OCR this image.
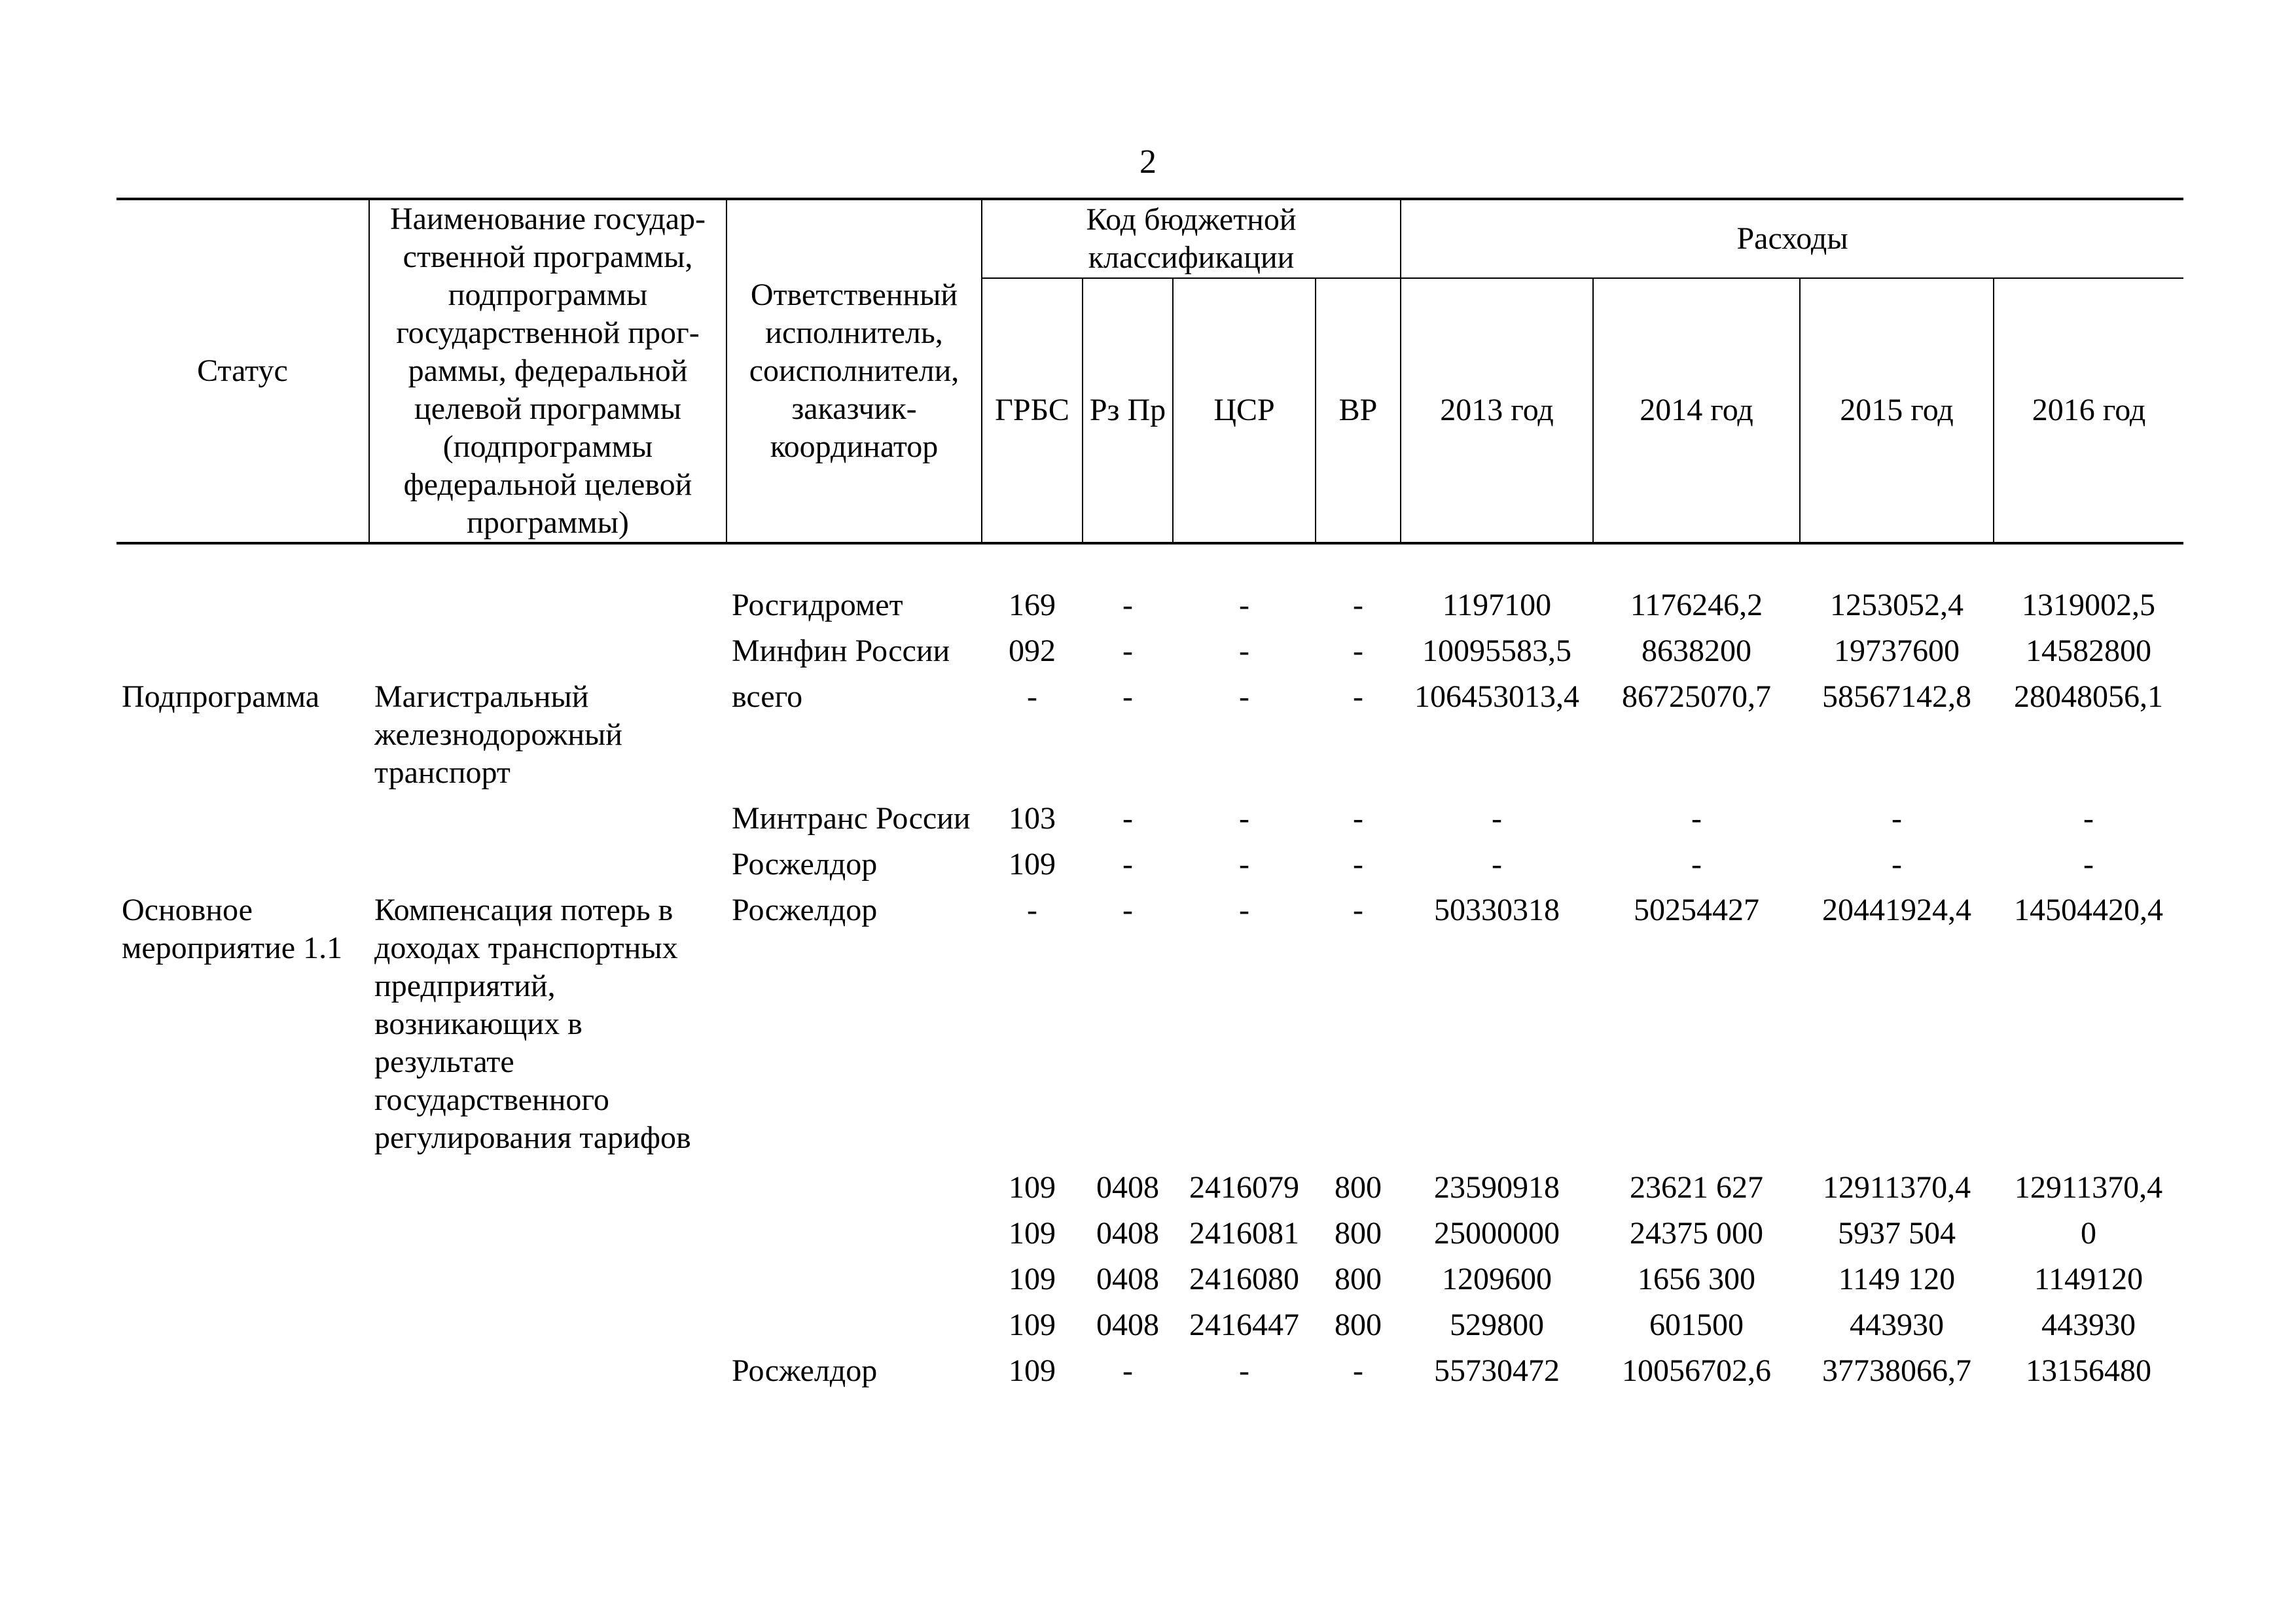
2
Статус	Наименование государ-ственной программы, подпрограммы государственной прог-раммы, федеральной целевой программы (подпрограммы федеральной целевой программы)	Ответственный исполнитель, соисполнители, заказчик-координатор	Код бюджетной классификации				Расходы			
			ГРБС	Рз Пр	ЦСР	ВР	2013 год	2014 год	2015 год	2016 год

		Росгидромет	169	-	-	-	1197100	1176246,2	1253052,4	1319002,5
		Минфин России	092	-	-	-	10095583,5	8638200	19737600	14582800
Подпрограмма	Магистральный железнодорожный транспорт	всего	-	-	-	-	106453013,4	86725070,7	58567142,8	28048056,1
		Минтранс России	103	-	-	-	-	-	-	-
		Росжелдор	109	-	-	-	-	-	-	-
Основное мероприятие 1.1	Компенсация потерь в доходах транспортных предприятий, возникающих в результате государственного регулирования тарифов	Росжелдор	-	-	-	-	50330318	50254427	20441924,4	14504420,4
			109	0408	2416079	800	23590918	23621 627	12911370,4	12911370,4
			109	0408	2416081	800	25000000	24375 000	5937 504	0
			109	0408	2416080	800	1209600	1656 300	1149 120	1149120
			109	0408	2416447	800	529800	601500	443930	443930
		Росжелдор	109	-	-	-	55730472	10056702,6	37738066,7	13156480
